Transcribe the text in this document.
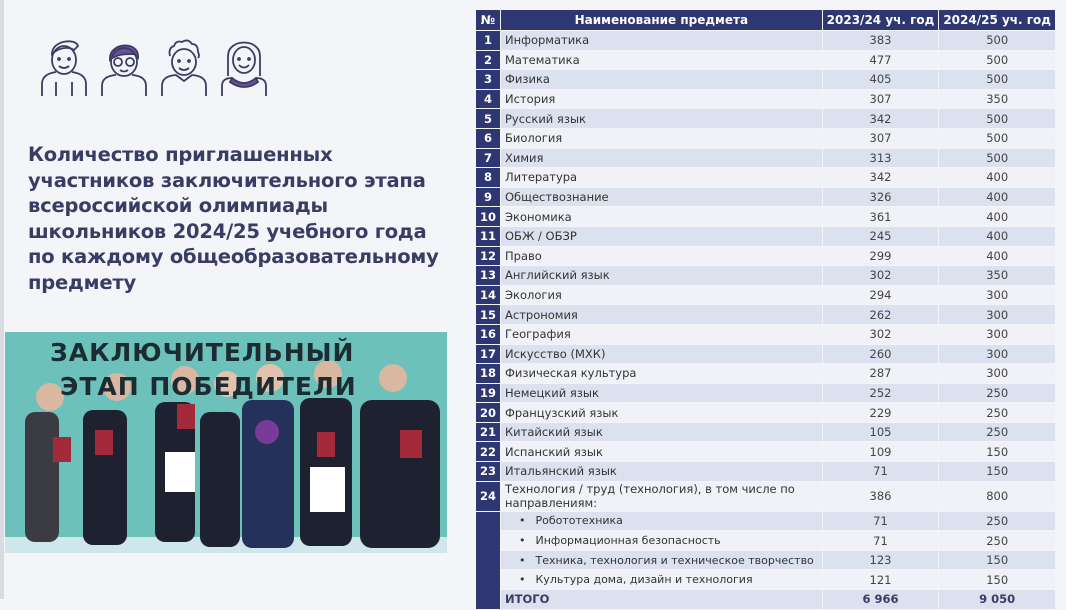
Количество приглашенных участников заключительного этапа всероссийской олимпиады школьников 2024/25 учебного года по каждому общеобразовательному предмету
ЗАКЛЮЧИТЕЛЬНЫЙ
ЭТАП ПОБЕДИТЕЛИ
№	Наименование предмета	2023/24 уч. год	2024/25 уч. год
1	Информатика	383	500
2	Математика	477	500
3	Физика	405	500
4	История	307	350
5	Русский язык	342	500
6	Биология	307	500
7	Химия	313	500
8	Литература	342	400
9	Обществознание	326	400
10	Экономика	361	400
11	ОБЖ / ОБЗР	245	400
12	Право	299	400
13	Английский язык	302	350
14	Экология	294	300
15	Астрономия	262	300
16	География	302	300
17	Искусство (МХК)	260	300
18	Физическая культура	287	300
19	Немецкий язык	252	250
20	Французский язык	229	250
21	Китайский язык	105	250
22	Испанский язык	109	150
23	Итальянский язык	71	150
24	Технология / труд (технология), в том числе по направлениям:	386	800
	• Робототехника	71	250
	• Информационная безопасность	71	250
	• Техника, технология и техническое творчество	123	150
	• Культура дома, дизайн и технология	121	150
	ИТОГО	6 966	9 050
